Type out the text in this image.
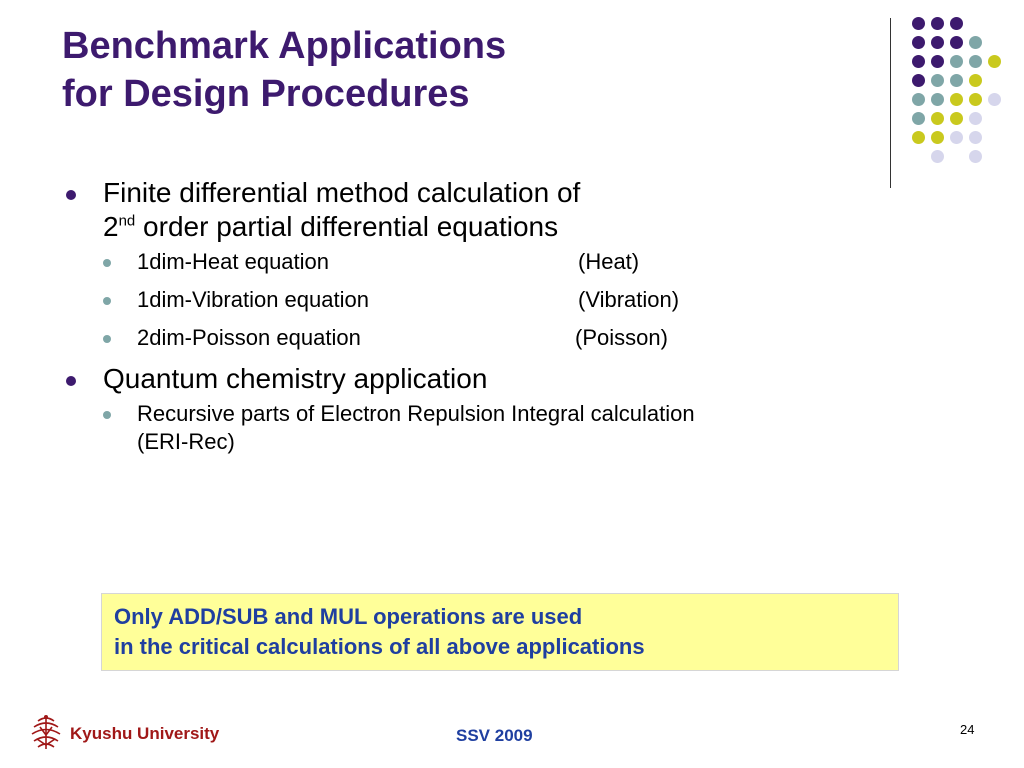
Benchmark Applications
for Design Procedures
Finite differential method calculation of
2nd order partial differential equations
1dim-Heat equation	(Heat)
1dim-Vibration equation	(Vibration)
2dim-Poisson equation	(Poisson)
Quantum chemistry application
Recursive parts of Electron Repulsion Integral calculation
(ERI-Rec)
Only ADD/SUB and MUL operations are used
in the critical calculations of all above applications
Kyushu University	SSV 2009	24
